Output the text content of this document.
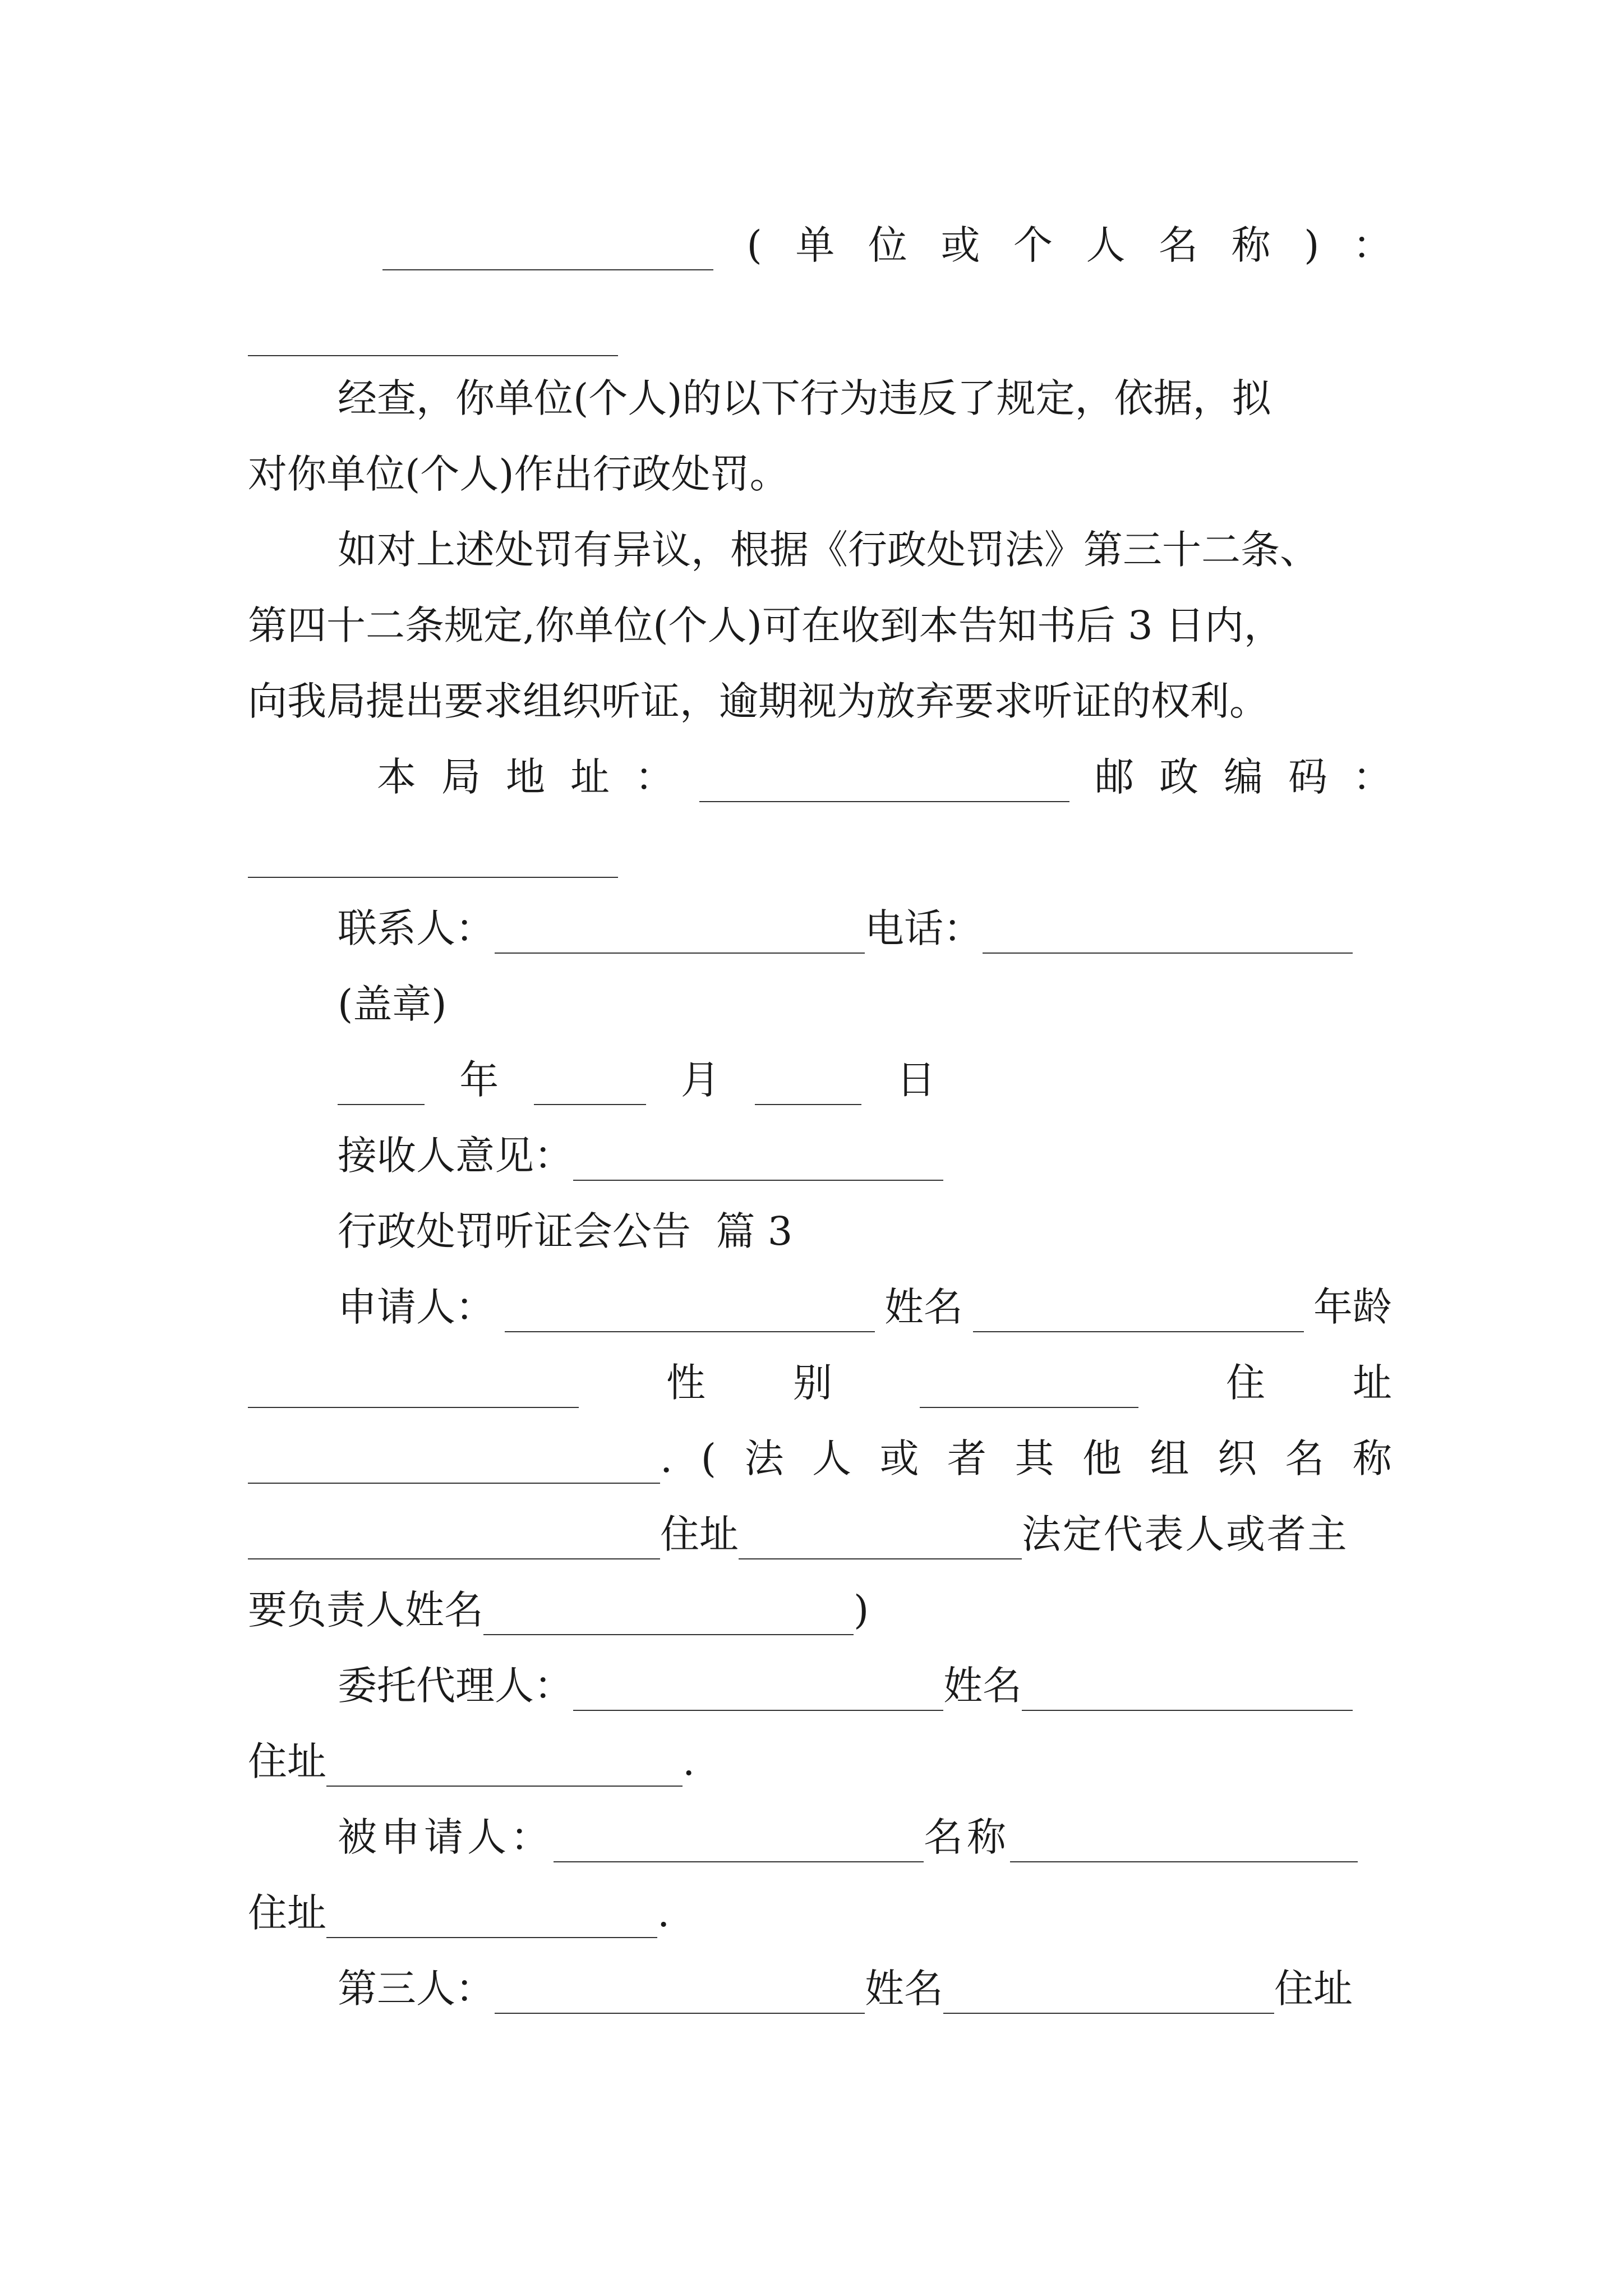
( 单 位 或 个 人 名 称 ) ：
经查，你单位(个人)的以下行为违反了规定，依据，拟
对你单位(个人)作出行政处罚。
如对上述处罚有异议，根据《行政处罚法》第三十二条、
第四十二条规定,你单位(个人)可在收到本告知书后 3 日内，
向我局提出要求组织听证，逾期视为放弃要求听证的权利。
本 局 地 址 ：	邮 政 编 码 ：
联系人：	电话：
(盖章)
年	月	日
接收人意见：
行政处罚听证会公告  篇 3
申请人：	姓名	年龄
性 别	住 址
. ( 法 人 或 者 其 他 组 织 名 称
住址	法定代表人或者主
要负责人姓名	)
委托代理人：	姓名
住址	.
被申请人：	名称
住址	.
第三人：	姓名	住址
